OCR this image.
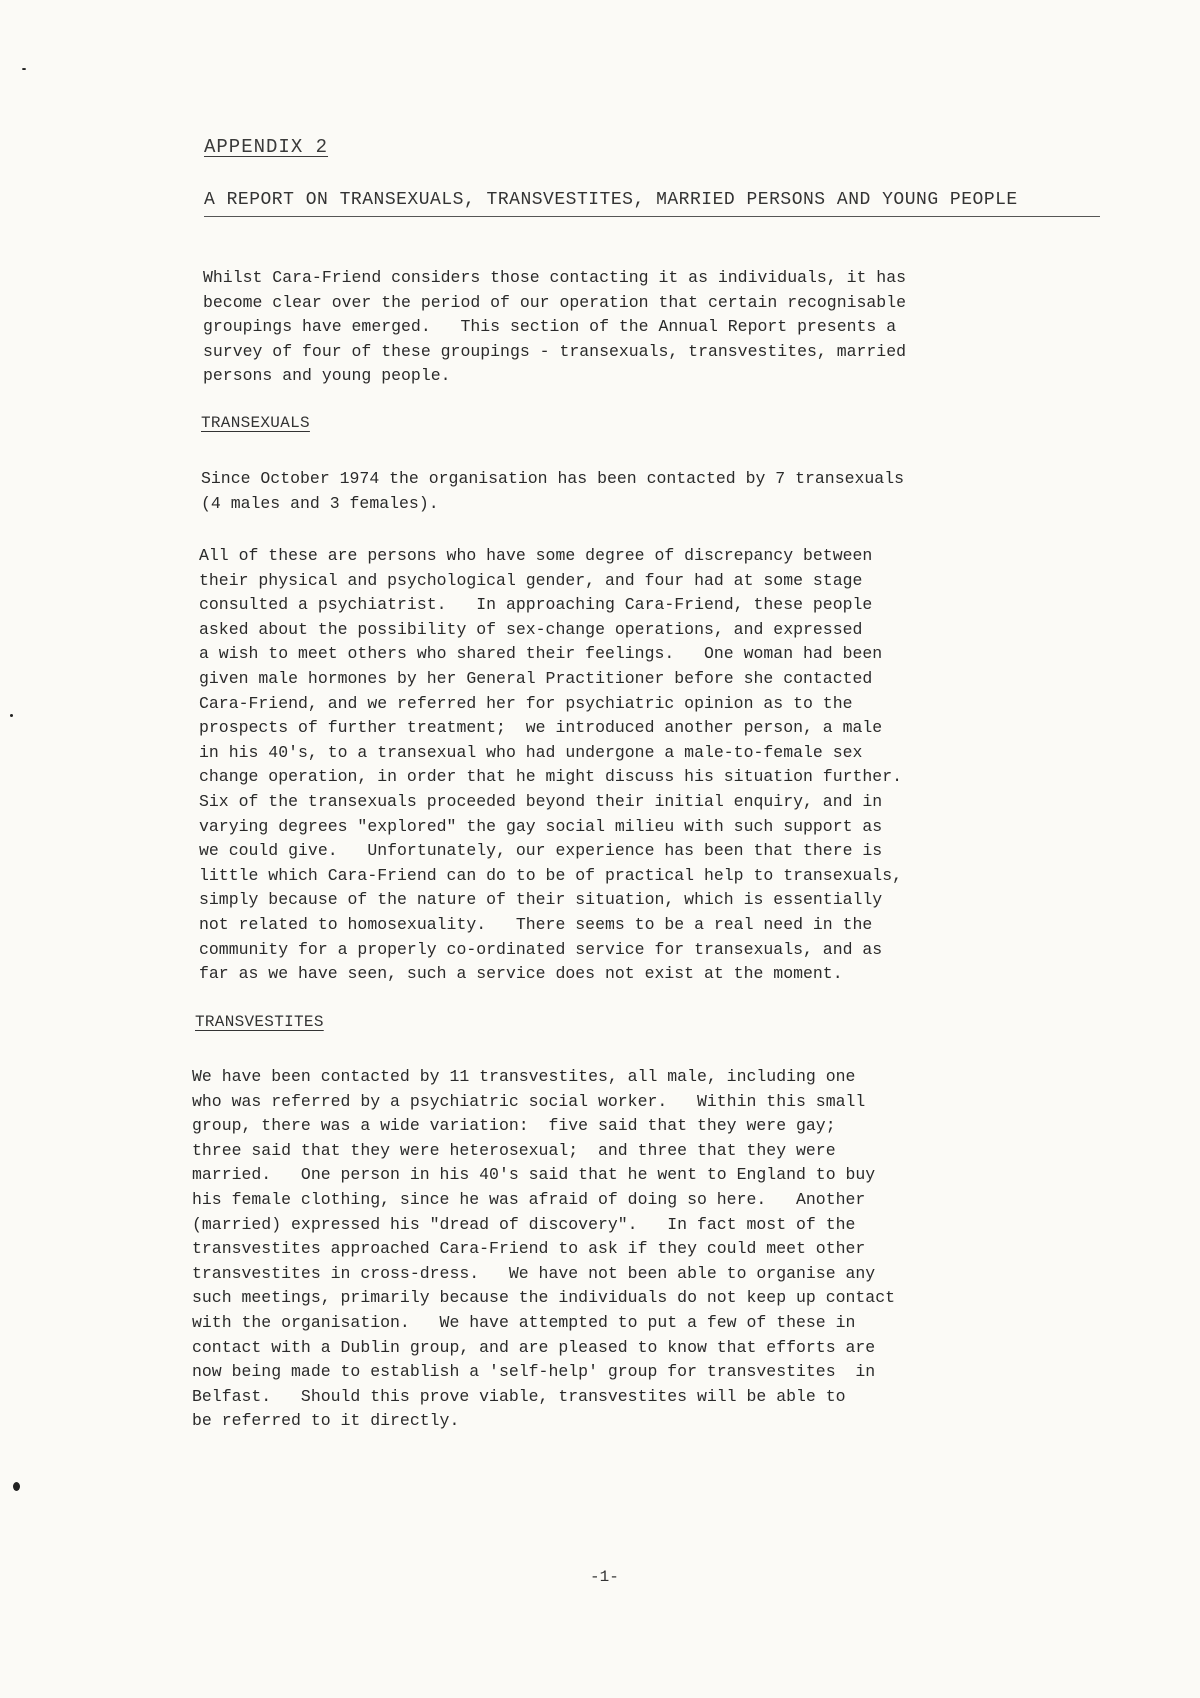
APPENDIX 2
A REPORT ON TRANSEXUALS, TRANSVESTITES, MARRIED PERSONS AND YOUNG PEOPLE
Whilst Cara-Friend considers those contacting it as individuals, it has
become clear over the period of our operation that certain recognisable
groupings have emerged.   This section of the Annual Report presents a
survey of four of these groupings - transexuals, transvestites, married
persons and young people.
TRANSEXUALS
Since October 1974 the organisation has been contacted by 7 transexuals
(4 males and 3 females).
All of these are persons who have some degree of discrepancy between
their physical and psychological gender, and four had at some stage
consulted a psychiatrist.   In approaching Cara-Friend, these people
asked about the possibility of sex-change operations, and expressed
a wish to meet others who shared their feelings.   One woman had been
given male hormones by her General Practitioner before she contacted
Cara-Friend, and we referred her for psychiatric opinion as to the
prospects of further treatment;  we introduced another person, a male
in his 40's, to a transexual who had undergone a male-to-female sex
change operation, in order that he might discuss his situation further.
Six of the transexuals proceeded beyond their initial enquiry, and in
varying degrees "explored" the gay social milieu with such support as
we could give.   Unfortunately, our experience has been that there is
little which Cara-Friend can do to be of practical help to transexuals,
simply because of the nature of their situation, which is essentially
not related to homosexuality.   There seems to be a real need in the
community for a properly co-ordinated service for transexuals, and as
far as we have seen, such a service does not exist at the moment.
TRANSVESTITES
We have been contacted by 11 transvestites, all male, including one
who was referred by a psychiatric social worker.   Within this small
group, there was a wide variation:  five said that they were gay;
three said that they were heterosexual;  and three that they were
married.   One person in his 40's said that he went to England to buy
his female clothing, since he was afraid of doing so here.   Another
(married) expressed his "dread of discovery".   In fact most of the
transvestites approached Cara-Friend to ask if they could meet other
transvestites in cross-dress.   We have not been able to organise any
such meetings, primarily because the individuals do not keep up contact
with the organisation.   We have attempted to put a few of these in
contact with a Dublin group, and are pleased to know that efforts are
now being made to establish a 'self-help' group for transvestites  in
Belfast.   Should this prove viable, transvestites will be able to
be referred to it directly.
-1-
